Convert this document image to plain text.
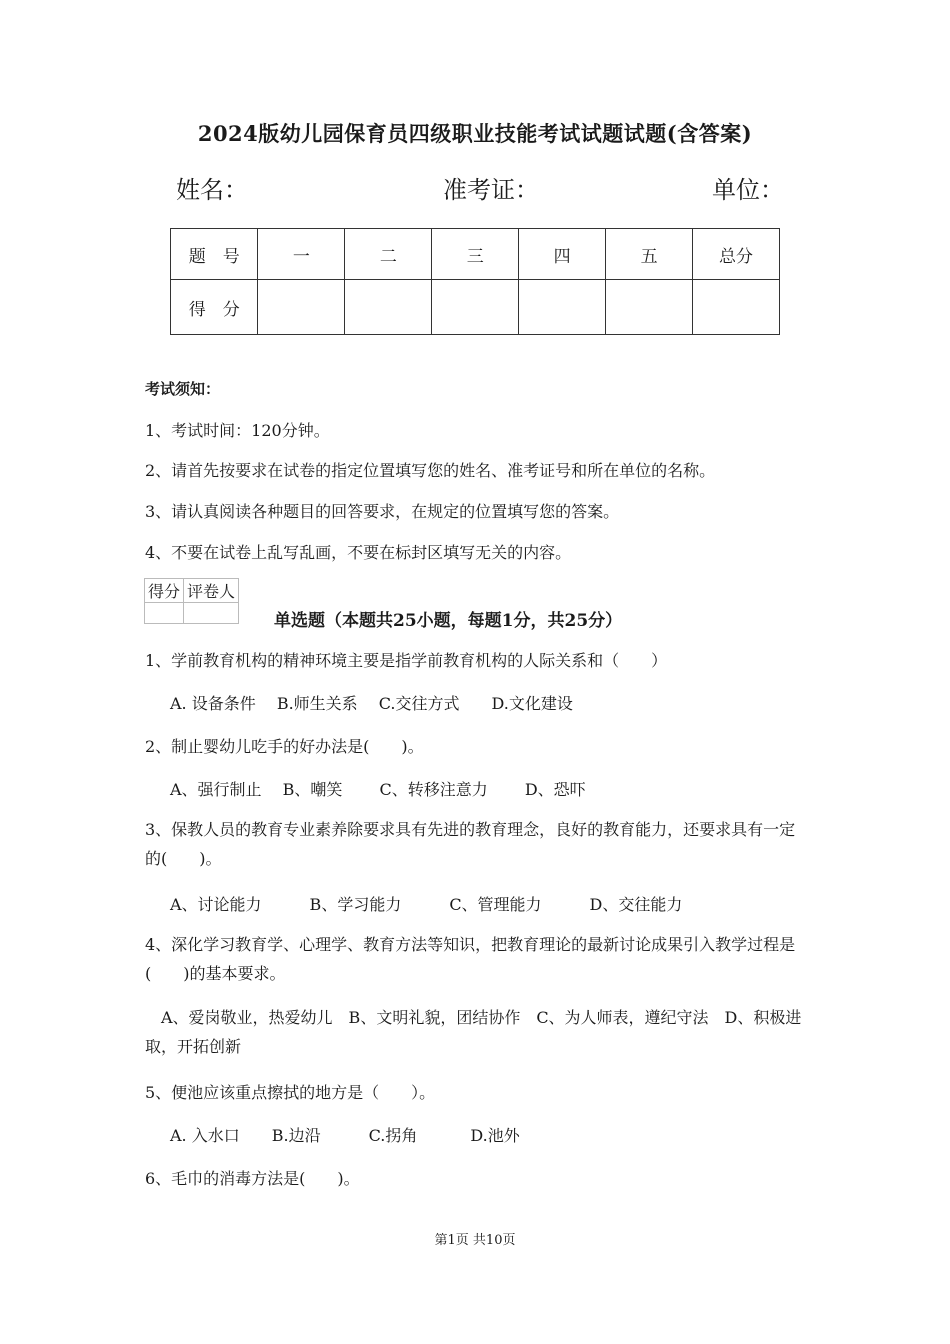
2024版幼儿园保育员四级职业技能考试试题试题(含答案)
姓名：	准考证：	单位：
题　号	一	二	三	四	五	总分
得　分						
考试须知：
1、考试时间：120分钟。
2、请首先按要求在试卷的指定位置填写您的姓名、准考证号和所在单位的名称。
3、请认真阅读各种题目的回答要求，在规定的位置填写您的答案。
4、不要在试卷上乱写乱画，不要在标封区填写无关的内容。
得分	评卷人

单选题（本题共25小题，每题1分，共25分）
1、学前教育机构的精神环境主要是指学前教育机构的人际关系和（　　）
A. 设备条件　 B.师生关系　 C.交往方式　　D.文化建设
2、制止婴幼儿吃手的好办法是(　　)。
A、强行制止　 B、嘲笑　　 C、转移注意力　　 D、恐吓
3、保教人员的教育专业素养除要求具有先进的教育理念，良好的教育能力，还要求具有一定的(　　)。
A、讨论能力　　　B、学习能力　　　C、管理能力　　　D、交往能力
4、深化学习教育学、心理学、教育方法等知识，把教育理论的最新讨论成果引入教学过程是(　　)的基本要求。
　A、爱岗敬业，热爱幼儿　B、文明礼貌，团结协作　C、为人师表，遵纪守法　D、积极进取，开拓创新
5、便池应该重点擦拭的地方是（　　）。
A. 入水口　　B.边沿　　　C.拐角　　　 D.池外
6、毛巾的消毒方法是(　　)。
第1页 共10页
